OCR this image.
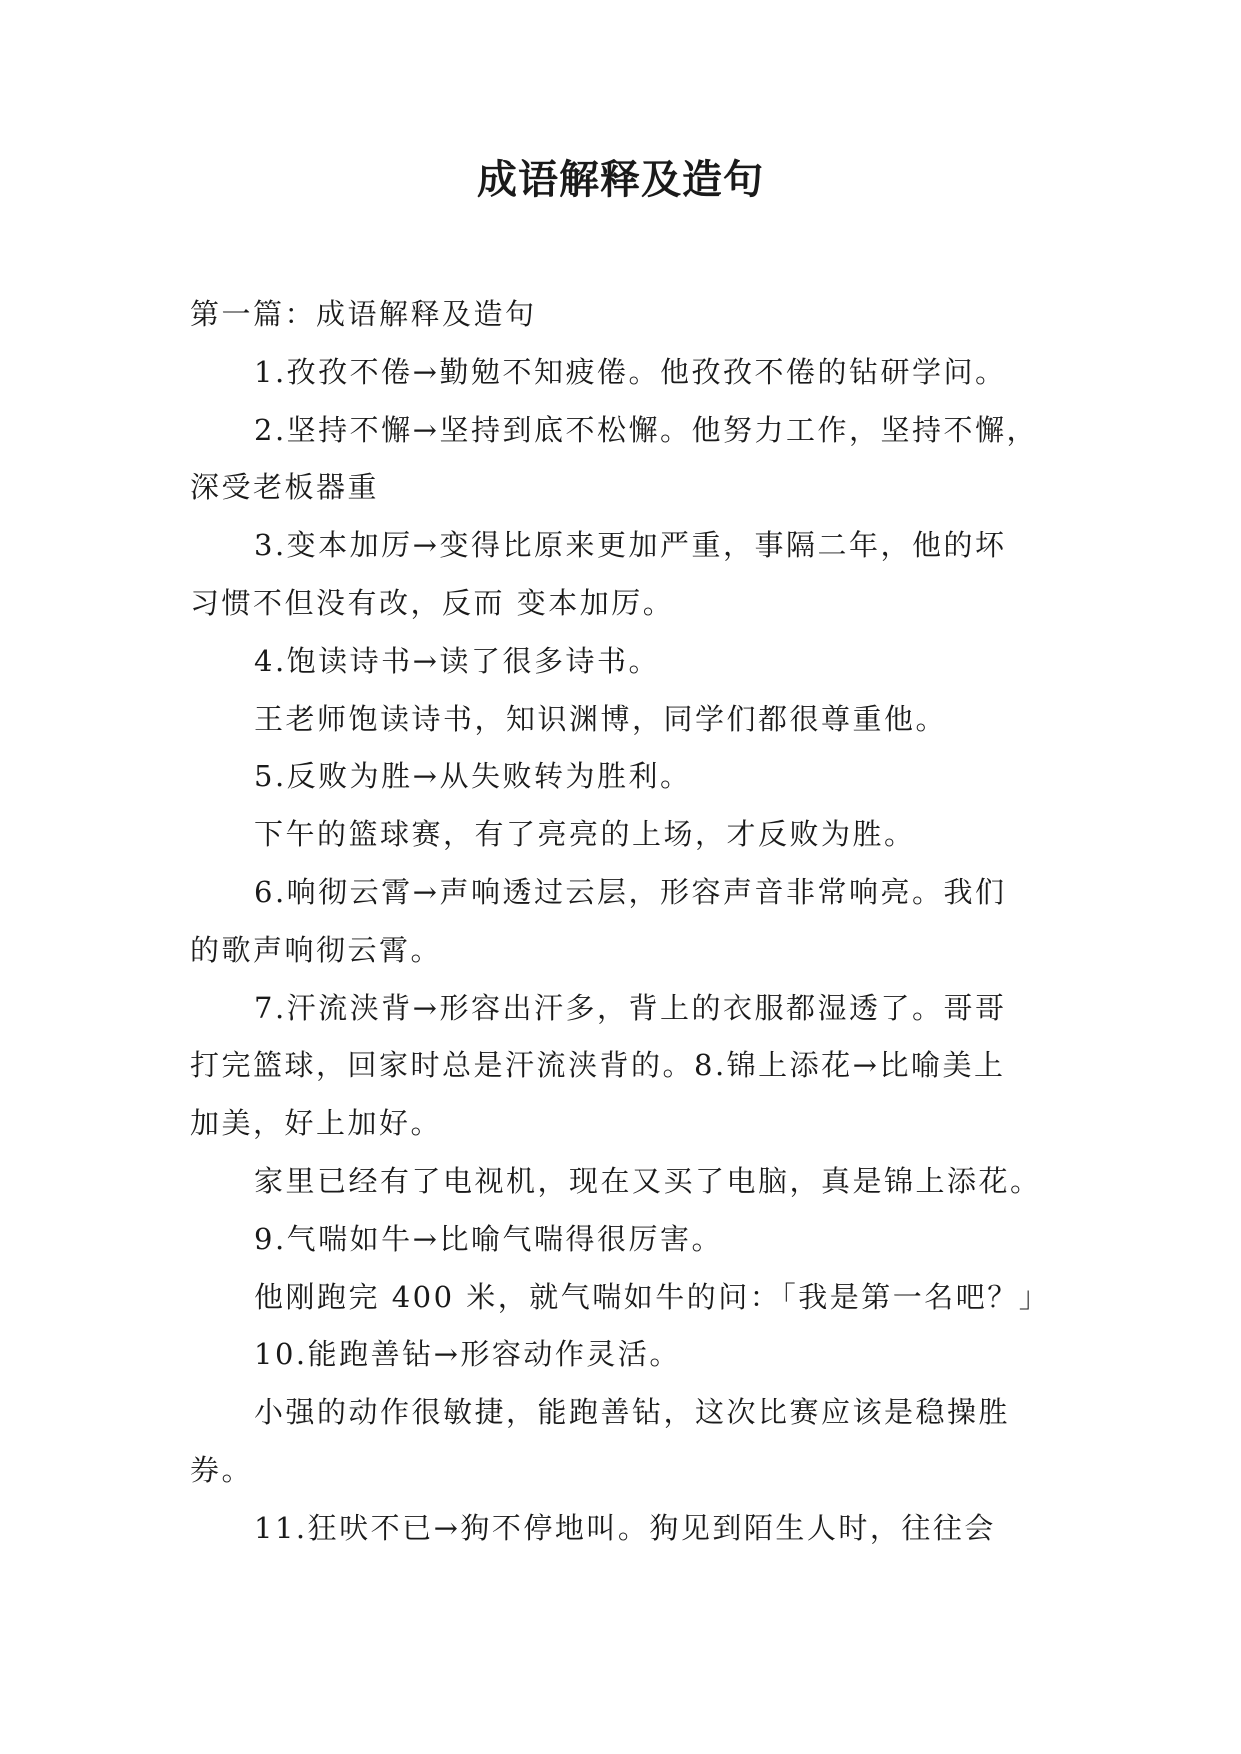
成语解释及造句

第一篇：成语解释及造句

1.孜孜不倦→勤勉不知疲倦。他孜孜不倦的钻研学问。

2.坚持不懈→坚持到底不松懈。他努力工作，坚持不懈，

深受老板器重

3.变本加厉→变得比原来更加严重，事隔二年，他的坏

习惯不但没有改，反而 变本加厉。

4.饱读诗书→读了很多诗书。

王老师饱读诗书，知识渊博，同学们都很尊重他。

5.反败为胜→从失败转为胜利。

下午的篮球赛，有了亮亮的上场，才反败为胜。

6.响彻云霄→声响透过云层，形容声音非常响亮。我们

的歌声响彻云霄。

7.汗流浃背→形容出汗多，背上的衣服都湿透了。哥哥

打完篮球，回家时总是汗流浃背的。8.锦上添花→比喻美上

加美，好上加好。

家里已经有了电视机，现在又买了电脑，真是锦上添花。

9.气喘如牛→比喻气喘得很厉害。

他刚跑完 400 米，就气喘如牛的问：「我是第一名吧？」

10.能跑善钻→形容动作灵活。

小强的动作很敏捷，能跑善钻，这次比赛应该是稳操胜

券。

11.狂吠不已→狗不停地叫。狗见到陌生人时，往往会
